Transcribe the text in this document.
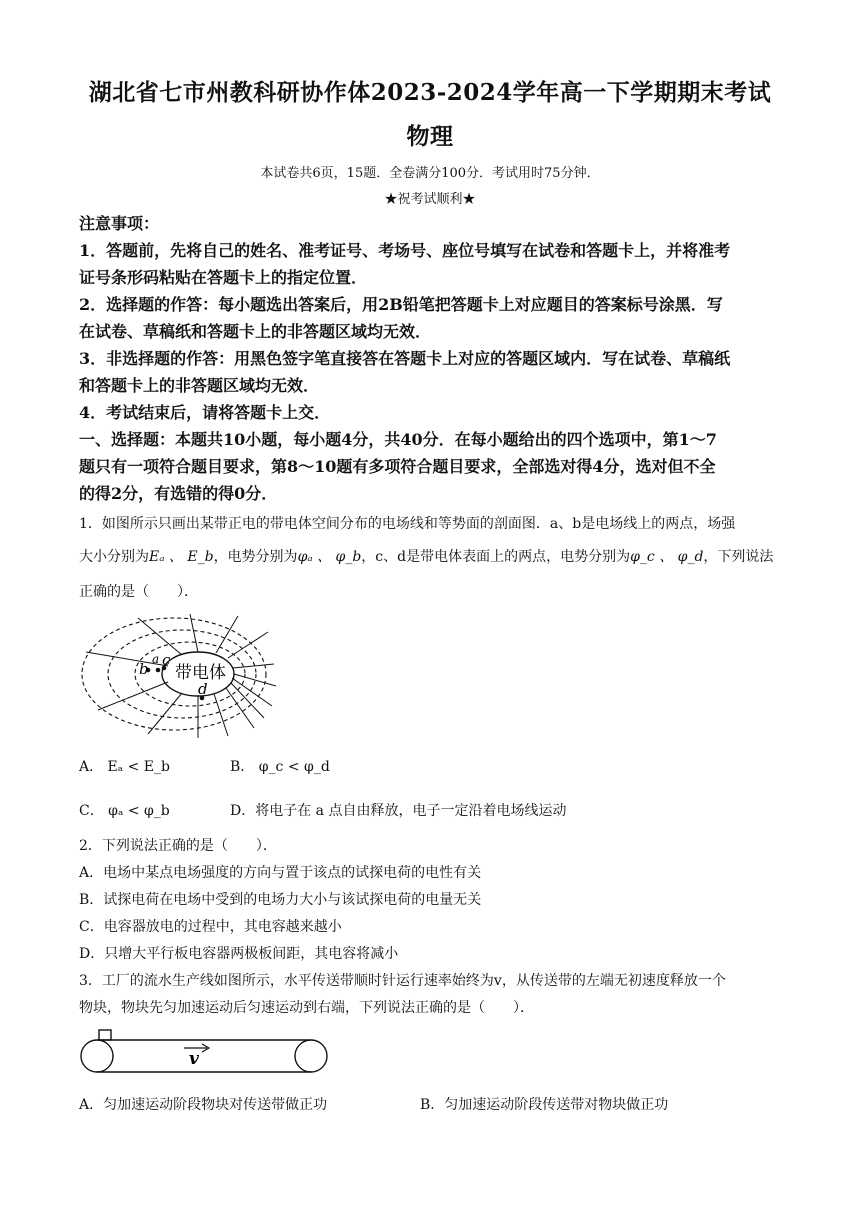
湖北省七市州教科研协作体2023-2024学年高一下学期期末考试
物理
本试卷共6页，15题．全卷满分100分．考试用时75分钟．
★祝考试顺利★
注意事项：
1．答题前，先将自己的姓名、准考证号、考场号、座位号填写在试卷和答题卡上，并将准考
证号条形码粘贴在答题卡上的指定位置．
2．选择题的作答：每小题选出答案后，用2B铅笔把答题卡上对应题目的答案标号涂黑．写
在试卷、草稿纸和答题卡上的非答题区域均无效．
3．非选择题的作答：用黑色签字笔直接答在答题卡上对应的答题区域内．写在试卷、草稿纸
和答题卡上的非答题区域均无效．
4．考试结束后，请将答题卡上交．
一、选择题：本题共10小题，每小题4分，共40分．在每小题给出的四个选项中，第1～7
题只有一项符合题目要求，第8～10题有多项符合题目要求，全部选对得4分，选对但不全
的得2分，有选错的得0分．
1．如图所示只画出某带正电的带电体空间分布的电场线和等势面的剖面图．a、b是电场线上的两点，场强
大小分别为Eₐ 、 E_b，电势分别为φₐ 、 φ_b，c、d是带电体表面上的两点，电势分别为φ_c 、 φ_d，下列说法
正确的是（　　）．
b
a c
d
带电体
A． Eₐ < E_b	B． φ_c < φ_d
C． φₐ < φ_b	D．将电子在 a 点自由释放，电子一定沿着电场线运动
2．下列说法正确的是（　　）．
A．电场中某点电场强度的方向与置于该点的试探电荷的电性有关
B．试探电荷在电场中受到的电场力大小与该试探电荷的电量无关
C．电容器放电的过程中，其电容越来越小
D．只增大平行板电容器两极板间距，其电容将减小
3．工厂的流水生产线如图所示，水平传送带顺时针运行速率始终为v，从传送带的左端无初速度释放一个
物块，物块先匀加速运动后匀速运动到右端，下列说法正确的是（　　）．
v
A．匀加速运动阶段物块对传送带做正功	B．匀加速运动阶段传送带对物块做正功
